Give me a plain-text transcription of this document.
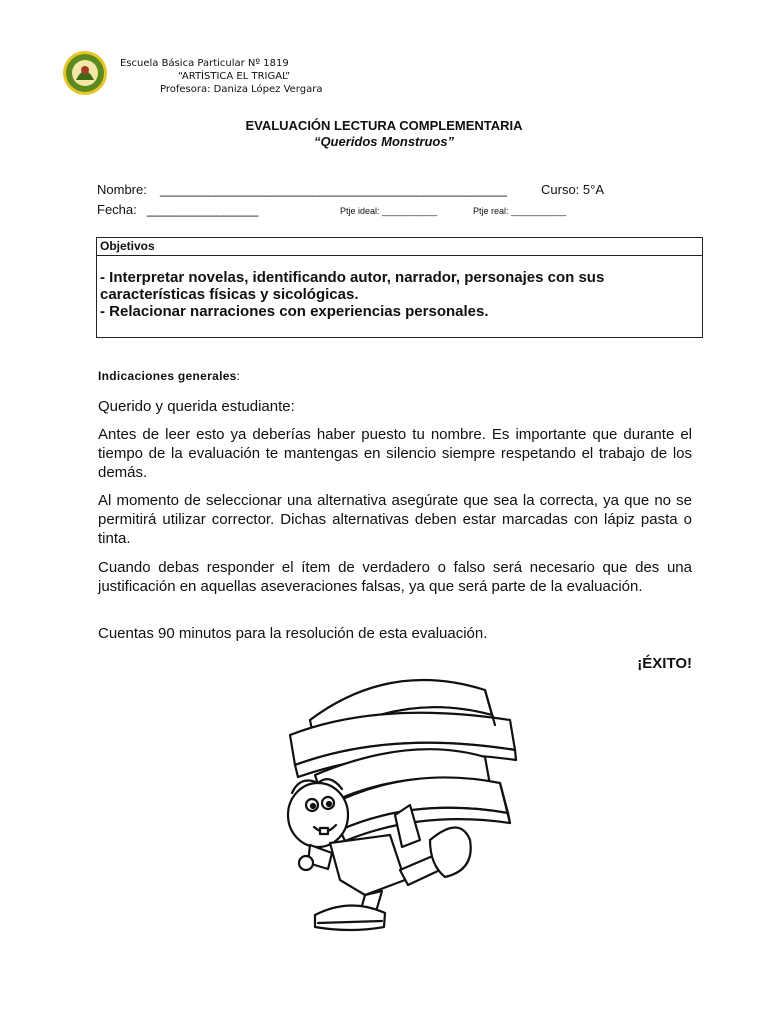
Escuela Básica Particular Nº 1819
“ARTÍSTICA EL TRIGAL”
Profesora: Daniza López Vergara
EVALUACIÓN LECTURA COMPLEMENTARIA
“Queridos Monstruos”
Nombre: __________________________________________________	Curso: 5°A
Fecha: ________________	Ptje ideal: ___________	Ptje real: ___________
Objetivos
- Interpretar novelas, identificando autor, narrador, personajes con sus características físicas y sicológicas.
- Relacionar narraciones con experiencias personales.
Indicaciones generales:
Querido y querida estudiante:
Antes de leer esto ya deberías haber puesto tu nombre. Es importante que durante el tiempo de la evaluación te mantengas en silencio siempre respetando el trabajo de los demás.
Al momento de seleccionar una alternativa asegúrate que sea la correcta, ya que no se permitirá utilizar corrector. Dichas alternativas deben estar marcadas con lápiz pasta o tinta.
Cuando debas responder el ítem de verdadero o falso será necesario que des una justificación en aquellas aseveraciones falsas, ya que será parte de la evaluación.
Cuentas 90 minutos para la resolución de esta evaluación.
¡ÉXITO!
